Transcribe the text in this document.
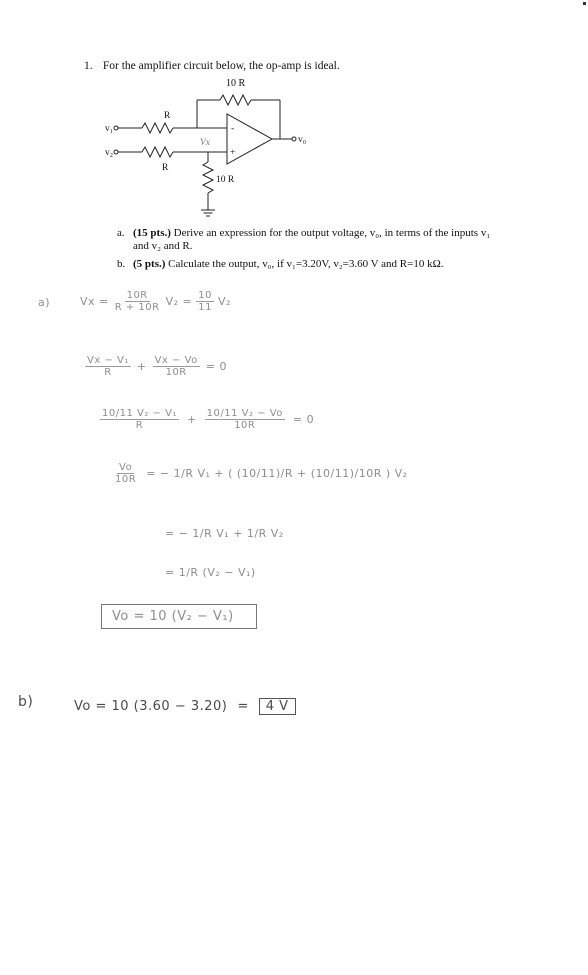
1. For the amplifier circuit below, the op-amp is ideal.
10 R
R
R
10 R
v₁
v₂
v₀
Vx
-
+
a. (15 pts.) Derive an expression for the output voltage, v₀, in terms of the inputs v₁
and v₂ and R.
b. (5 pts.) Calculate the output, v₀, if v₁=3.20V, v₂=3.60 V and R=10 kΩ.
a)	$Vx = \frac{10R}{R + 10R} V_2 = \frac{10}{11} V_2$
$\frac{\text{Vx − V₁}}{R} + \frac{Vx - Vo}{10R} = 0$
$\frac{\text{10/11 V₂ − V₁}}{R} + \frac{\text{10/11 V₂ − Vo}}{10R} = 0$
$\frac{Vo}{10R}$ = − 1/R V₁ + ( (10/11)/R + (10/11)/10R ) V₂
= − 1/R V₁ + 1/R V₂
= 1/R (V₂ − V₁)
Vo = 10 (V₂ − V₁)
b)	Vo = 10 (3.60 − 3.20) =	4 V
